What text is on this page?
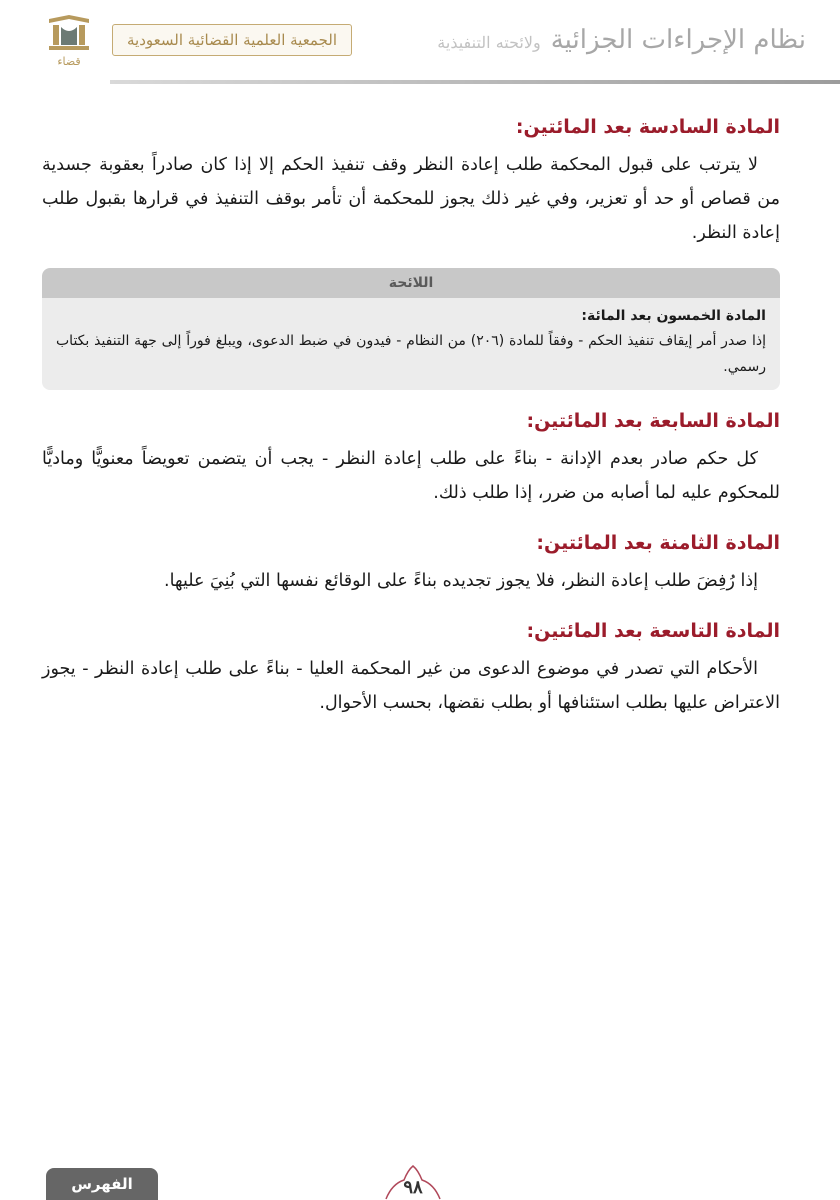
قضاء
الجمعية العلمية القضائية السعودية	نظام الإجراءات الجزائية
ولائحته التنفيذية
المادة السادسة بعد المائتين:

لا يترتب على قبول المحكمة طلب إعادة النظر وقف تنفيذ الحكم إلا إذا كان صادراً بعقوبة جسدية من قصاص أو حد أو تعزير، وفي غير ذلك يجوز للمحكمة أن تأمر بوقف التنفيذ في قرارها بقبول طلب إعادة النظر.

اللائحة

المادة الخمسون بعد المائة:

إذا صدر أمر إيقاف تنفيذ الحكم - وفقاً للمادة (٢٠٦) من النظام - فيدون في ضبط الدعوى، ويبلغ فوراً إلى جهة التنفيذ بكتاب رسمي.

المادة السابعة بعد المائتين:

كل حكم صادر بعدم الإدانة - بناءً على طلب إعادة النظر - يجب أن يتضمن تعويضاً معنويًّا وماديًّا للمحكوم عليه لما أصابه من ضرر، إذا طلب ذلك.

المادة الثامنة بعد المائتين:

إذا رُفِضَ طلب إعادة النظر، فلا يجوز تجديده بناءً على الوقائع نفسها التي بُنِيَ عليها.

المادة التاسعة بعد المائتين:

الأحكام التي تصدر في موضوع الدعوى من غير المحكمة العليا - بناءً على طلب إعادة النظر - يجوز الاعتراض عليها بطلب استئنافها أو بطلب نقضها، بحسب الأحوال.

الفهرس	٩٨
